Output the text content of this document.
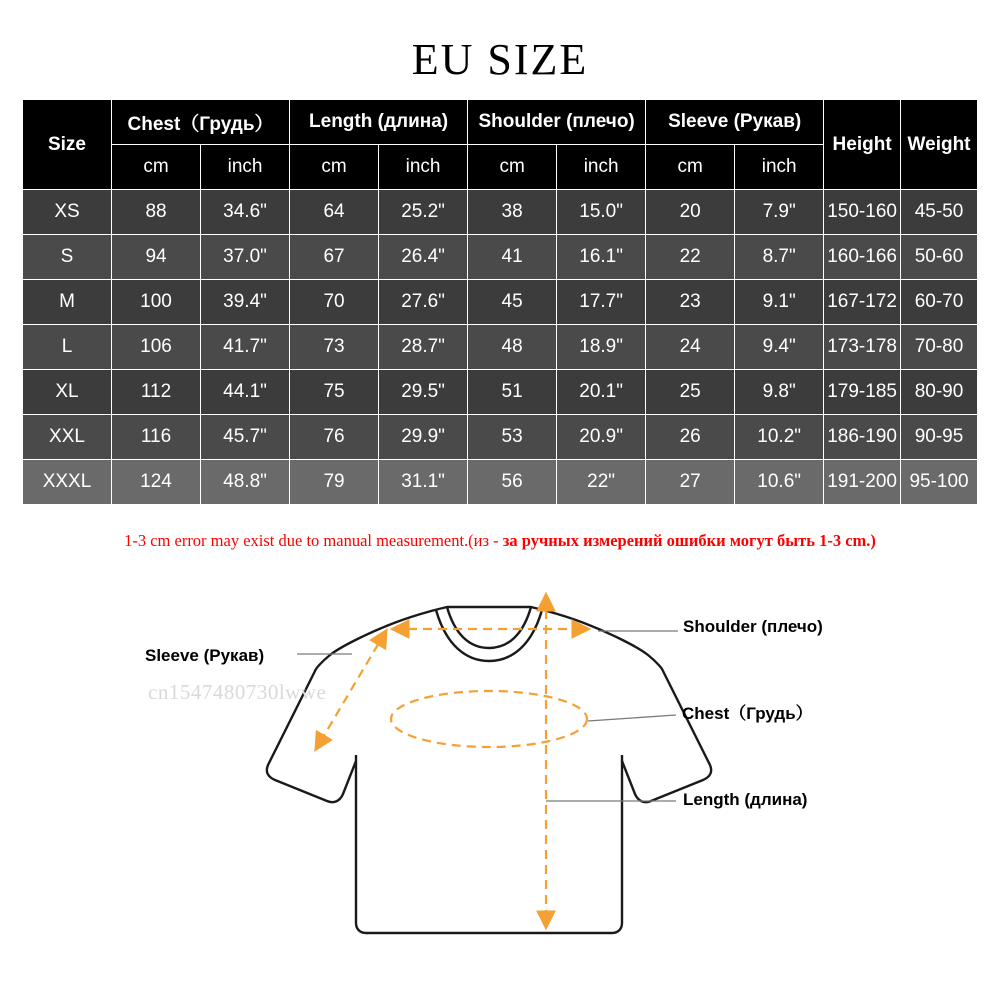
EU SIZE
Size	Chest（Грудь）		Length (длина)		Shoulder (плечо)		Sleeve (Рукав)		Height	Weight
	cm	inch	cm	inch	cm	inch	cm	inch		
XS	88	34.6"	64	25.2"	38	15.0"	20	7.9"	150-160	45-50
S	94	37.0"	67	26.4"	41	16.1"	22	8.7"	160-166	50-60
M	100	39.4"	70	27.6"	45	17.7"	23	9.1"	167-172	60-70
L	106	41.7"	73	28.7"	48	18.9"	24	9.4"	173-178	70-80
XL	112	44.1"	75	29.5"	51	20.1"	25	9.8"	179-185	80-90
XXL	116	45.7"	76	29.9"	53	20.9"	26	10.2"	186-190	90-95
XXXL	124	48.8"	79	31.1"	56	22"	27	10.6"	191-200	95-100
1-3 cm error may exist due to manual measurement.(из - за ручных измерений ошибки могут быть 1-3 cm.)
cn1547480730lwwe
Sleeve (Рукав)
Shoulder (плечо)
Chest（Грудь）
Length (длина)
